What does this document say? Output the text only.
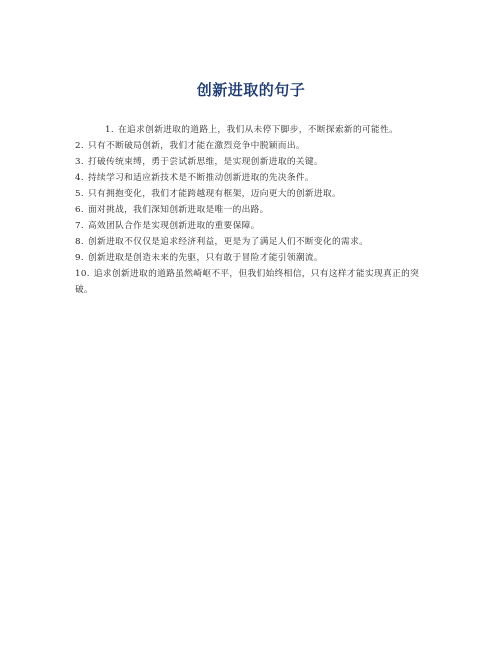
创新进取的句子
1. 在追求创新进取的道路上，我们从未停下脚步，不断探索新的可能性。
2. 只有不断破局创新，我们才能在激烈竞争中脱颖而出。
3. 打破传统束缚，勇于尝试新思维，是实现创新进取的关键。
4. 持续学习和适应新技术是不断推动创新进取的先决条件。
5. 只有拥抱变化，我们才能跨越现有框架，迈向更大的创新进取。
6. 面对挑战，我们深知创新进取是唯一的出路。
7. 高效团队合作是实现创新进取的重要保障。
8. 创新进取不仅仅是追求经济利益，更是为了满足人们不断变化的需求。
9. 创新进取是创造未来的先驱，只有敢于冒险才能引领潮流。
10. 追求创新进取的道路虽然崎岖不平，但我们始终相信，只有这样才能实现真正的突破。
